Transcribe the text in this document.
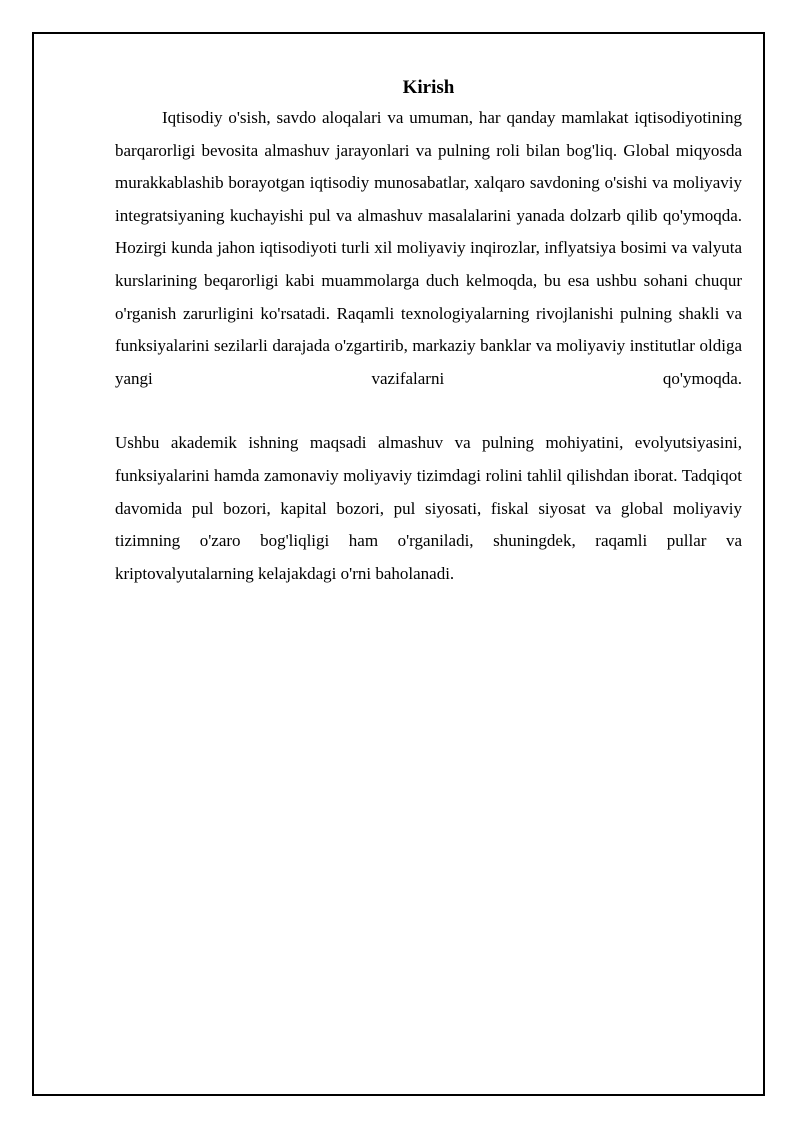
Kirish

Iqtisodiy o'sish, savdo aloqalari va umuman, har qanday mamlakat iqtisodiyotining barqarorligi bevosita almashuv jarayonlari va pulning roli bilan bog'liq. Global miqyosda murakkablashib borayotgan iqtisodiy munosabatlar, xalqaro savdoning o'sishi va moliyaviy integratsiyaning kuchayishi pul va almashuv masalalarini yanada dolzarb qilib qo'ymoqda. Hozirgi kunda jahon iqtisodiyoti turli xil moliyaviy inqirozlar, inflyatsiya bosimi va valyuta kurslarining beqarorligi kabi muammolarga duch kelmoqda, bu esa ushbu sohani chuqur o'rganish zarurligini ko'rsatadi. Raqamli texnologiyalarning rivojlanishi pulning shakli va funksiyalarini sezilarli darajada o'zgartirib, markaziy banklar va moliyaviy institutlar oldiga yangi vazifalarni qo'ymoqda.

Ushbu akademik ishning maqsadi almashuv va pulning mohiyatini, evolyutsiyasini, funksiyalarini hamda zamonaviy moliyaviy tizimdagi rolini tahlil qilishdan iborat. Tadqiqot davomida pul bozori, kapital bozori, pul siyosati, fiskal siyosat va global moliyaviy tizimning o'zaro bog'liqligi ham o'rganiladi, shuningdek, raqamli pullar va kriptovalyutalarning kelajakdagi o'rni baholanadi.
